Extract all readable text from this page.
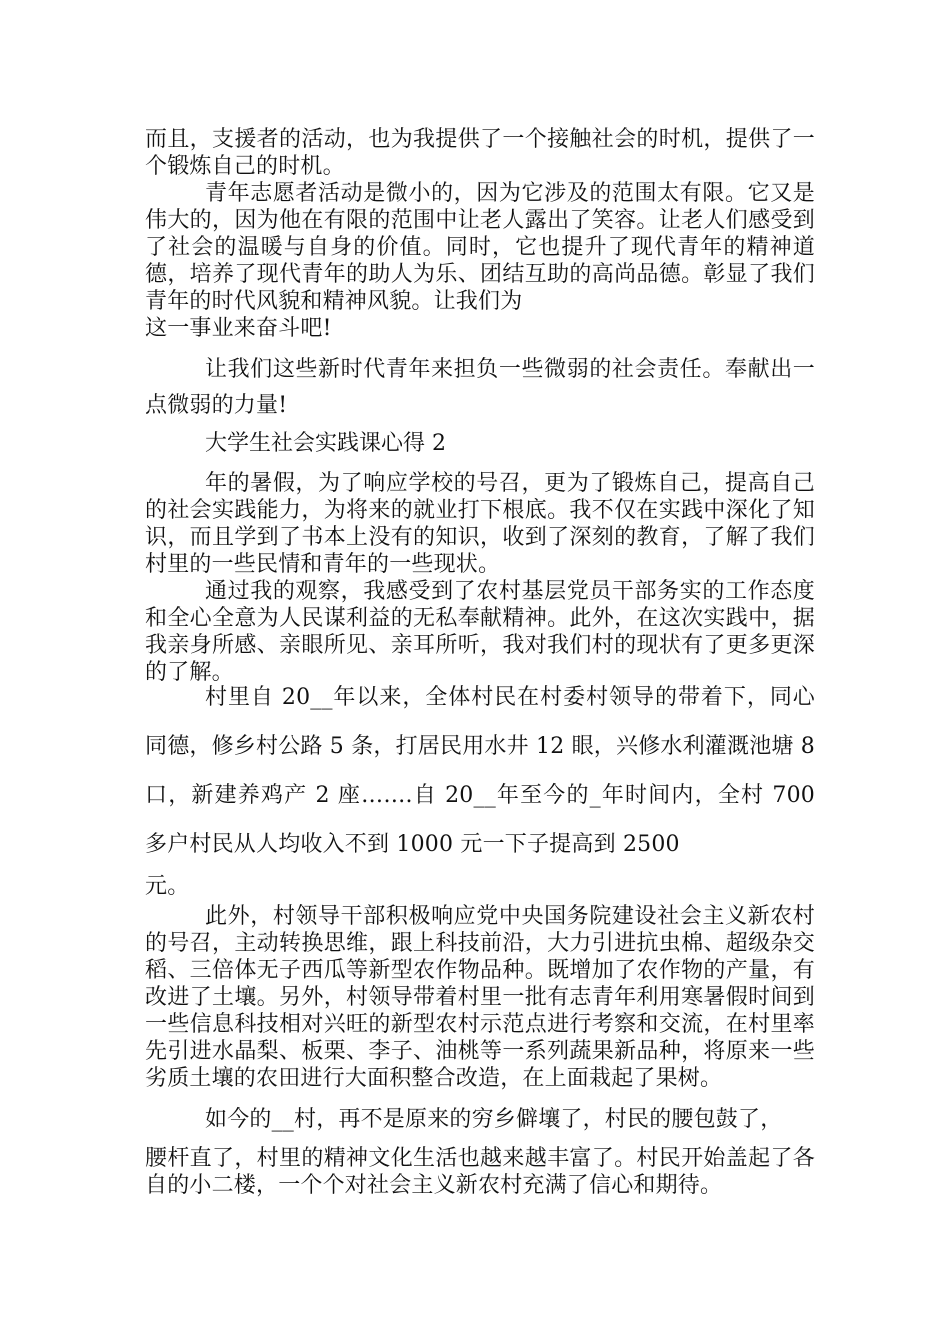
而且，支援者的活动，也为我提供了一个接触社会的时机，提供了一个锻炼自己的时机。

青年志愿者活动是微小的，因为它涉及的范围太有限。它又是伟大的，因为他在有限的范围中让老人露出了笑容。让老人们感受到了社会的温暖与自身的价值。同时，它也提升了现代青年的精神道德，培养了现代青年的助人为乐、团结互助的高尚品德。彰显了我们青年的时代风貌和精神风貌。让我们为

这一事业来奋斗吧!

让我们这些新时代青年来担负一些微弱的社会责任。奉献出一点微弱的力量!

大学生社会实践课心得 2

年的暑假，为了响应学校的号召，更为了锻炼自己，提高自己的社会实践能力，为将来的就业打下根底。我不仅在实践中深化了知识，而且学到了书本上没有的知识，收到了深刻的教育，了解了我们村里的一些民情和青年的一些现状。

通过我的观察，我感受到了农村基层党员干部务实的工作态度和全心全意为人民谋利益的无私奉献精神。此外，在这次实践中，据我亲身所感、亲眼所见、亲耳所听，我对我们村的现状有了更多更深的了解。

村里自 20__年以来，全体村民在村委村领导的带着下，同心同德，修乡村公路 5 条，打居民用水井 12 眼，兴修水利灌溉池塘 8 口，新建养鸡产 2 座…….自 20__年至今的_年时间内，全村 700 多户村民从人均收入不到 1000 元一下子提高到 2500

元。

此外，村领导干部积极响应党中央国务院建设社会主义新农村的号召，主动转换思维，跟上科技前沿，大力引进抗虫棉、超级杂交稻、三倍体无子西瓜等新型农作物品种。既增加了农作物的产量，有改进了土壤。另外，村领导带着村里一批有志青年利用寒暑假时间到一些信息科技相对兴旺的新型农村示范点进行考察和交流，在村里率先引进水晶梨、板栗、李子、油桃等一系列蔬果新品种，将原来一些劣质土壤的农田进行大面积整合改造，在上面栽起了果树。

如今的__村，再不是原来的穷乡僻壤了，村民的腰包鼓了，

腰杆直了，村里的精神文化生活也越来越丰富了。村民开始盖起了各自的小二楼，一个个对社会主义新农村充满了信心和期待。
